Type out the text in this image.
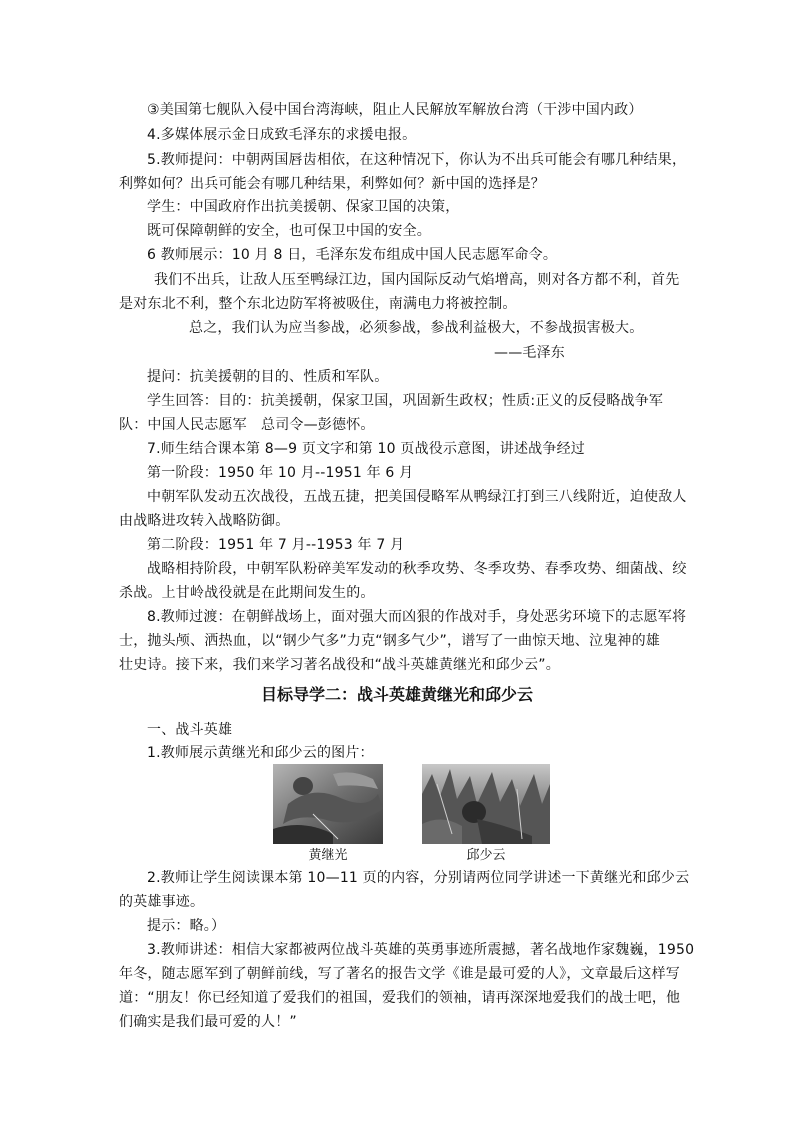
③美国第七舰队入侵中国台湾海峡，阻止人民解放军解放台湾（干涉中国内政）
4.多媒体展示金日成致毛泽东的求援电报。
5.教师提问：中朝两国唇齿相依，在这种情况下，你认为不出兵可能会有哪几种结果，
利弊如何？出兵可能会有哪几种结果，利弊如何？新中国的选择是？
学生：中国政府作出抗美援朝、保家卫国的决策，
既可保障朝鲜的安全，也可保卫中国的安全。
6 教师展示：10 月 8 日，毛泽东发布组成中国人民志愿军命令。
我们不出兵，让敌人压至鸭绿江边，国内国际反动气焰增高，则对各方都不利，首先
是对东北不利，整个东北边防军将被吸住，南满电力将被控制。
总之，我们认为应当参战，必须参战，参战利益极大，不参战损害极大。
——毛泽东
提问：抗美援朝的目的、性质和军队。
学生回答：目的：抗美援朝，保家卫国，巩固新生政权；性质:正义的反侵略战争军
队：中国人民志愿军　总司令—彭德怀。
7.师生结合课本第 8—9 页文字和第 10 页战役示意图，讲述战争经过
第一阶段：1950 年 10 月--1951 年 6 月
中朝军队发动五次战役，五战五捷，把美国侵略军从鸭绿江打到三八线附近，迫使敌人
由战略进攻转入战略防御。
第二阶段：1951 年 7 月--1953 年 7 月
战略相持阶段，中朝军队粉碎美军发动的秋季攻势、冬季攻势、春季攻势、细菌战、绞
杀战。上甘岭战役就是在此期间发生的。
8.教师过渡：在朝鲜战场上，面对强大而凶狠的作战对手，身处恶劣环境下的志愿军将
士，抛头颅、洒热血，以“钢少气多”力克“钢多气少”，谱写了一曲惊天地、泣鬼神的雄
壮史诗。接下来，我们来学习著名战役和“战斗英雄黄继光和邱少云”。
目标导学二：战斗英雄黄继光和邱少云
一、战斗英雄
1.教师展示黄继光和邱少云的图片：
黄继光	邱少云
2.教师让学生阅读课本第 10—11 页的内容，分别请两位同学讲述一下黄继光和邱少云
的英雄事迹。
提示：略。）
3.教师讲述：相信大家都被两位战斗英雄的英勇事迹所震撼，著名战地作家魏巍，1950
年冬，随志愿军到了朝鲜前线，写了著名的报告文学《谁是最可爱的人》，文章最后这样写
道：“朋友！你已经知道了爱我们的祖国，爱我们的领袖，请再深深地爱我们的战士吧，他
们确实是我们最可爱的人！”
